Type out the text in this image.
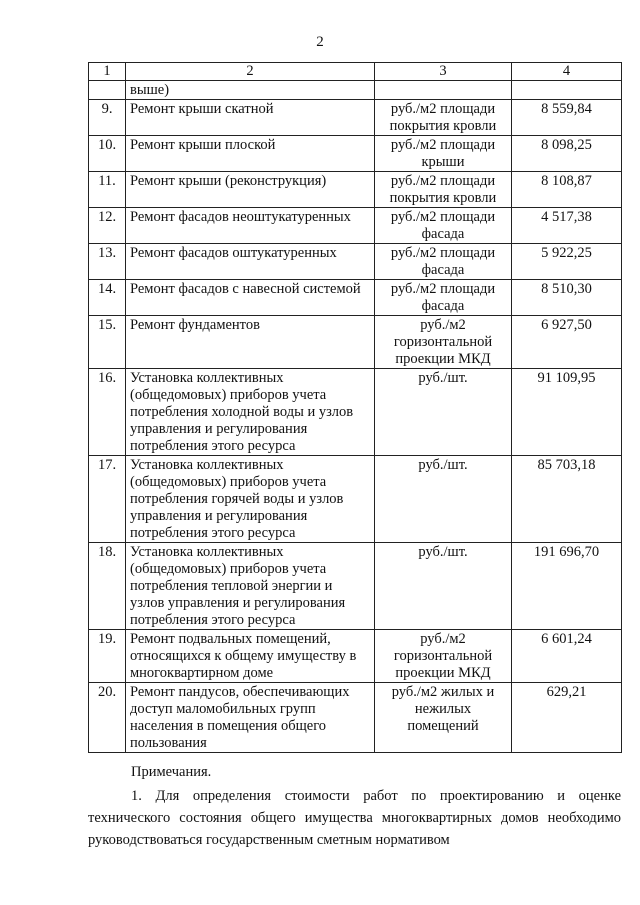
2
1	2	3	4
	выше)		
9.	Ремонт крыши скатной	руб./м2 площади покрытия кровли	8 559,84
10.	Ремонт крыши плоской	руб./м2 площади крыши	8 098,25
11.	Ремонт крыши (реконструкция)	руб./м2 площади покрытия кровли	8 108,87
12.	Ремонт фасадов неоштукатуренных	руб./м2 площади фасада	4 517,38
13.	Ремонт фасадов оштукатуренных	руб./м2 площади фасада	5 922,25
14.	Ремонт фасадов с навесной системой	руб./м2 площади фасада	8 510,30
15.	Ремонт фундаментов	руб./м2 горизонтальной проекции МКД	6 927,50
16.	Установка коллективных (общедомовых) приборов учета потребления холодной воды и узлов управления и регулирования потребления этого ресурса	руб./шт.	91 109,95
17.	Установка коллективных (общедомовых) приборов учета потребления горячей воды и узлов управления и регулирования потребления этого ресурса	руб./шт.	85 703,18
18.	Установка коллективных (общедомовых) приборов учета потребления тепловой энергии и узлов управления и регулирования потребления этого ресурса	руб./шт.	191 696,70
19.	Ремонт подвальных помещений, относящихся к общему имуществу в многоквартирном доме	руб./м2 горизонтальной проекции МКД	6 601,24
20.	Ремонт пандусов, обеспечивающих доступ маломобильных групп населения в помещения общего пользования	руб./м2 жилых и нежилых помещений	629,21
Примечания.
1. Для определения стоимости работ по проектированию и оценке технического состояния общего имущества многоквартирных домов необходимо руководствоваться государственным сметным нормативом
